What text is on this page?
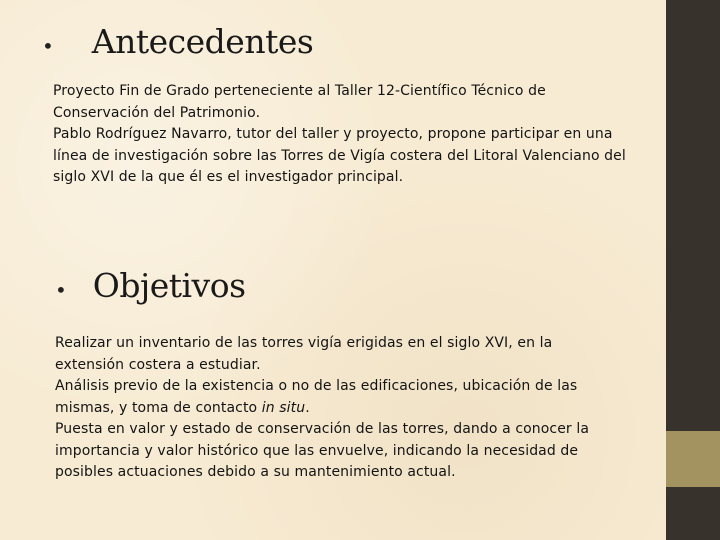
• Antecedentes

Proyecto Fin de Grado perteneciente al Taller 12-Científico Técnico de Conservación del Patrimonio.

Pablo Rodríguez Navarro, tutor del taller y proyecto, propone participar en una línea de investigación sobre las Torres de Vigía costera del Litoral Valenciano del siglo XVI de la que él es el investigador principal.

• Objetivos

Realizar un inventario de las torres vigía erigidas en el siglo XVI, en la extensión costera a estudiar.

Análisis previo de la existencia o no de las edificaciones, ubicación de las mismas, y toma de contacto in situ.

Puesta en valor y estado de conservación de las torres, dando a conocer la importancia y valor histórico que las envuelve, indicando la necesidad de posibles actuaciones debido a su mantenimiento actual.
